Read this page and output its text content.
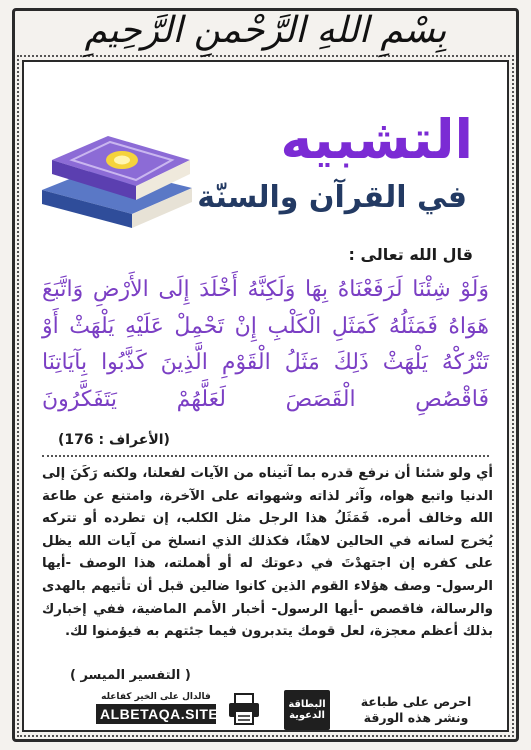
بِسْمِ اللهِ الرَّحْمنِ الرَّحِيمِ
التشبيه
في القرآن والسنّة
قال الله تعالى :
وَلَوْ شِئْنَا لَرَفَعْنَاهُ بِهَا وَلَكِنَّهُ أَخْلَدَ إِلَى الأَرْضِ وَاتَّبَعَ هَوَاهُ فَمَثَلُهُ كَمَثَلِ الْكَلْبِ إِنْ تَحْمِلْ عَلَيْهِ يَلْهَثْ أَوْ تَتْرُكْهُ يَلْهَثْ ذَلِكَ مَثَلُ الْقَوْمِ الَّذِينَ كَذَّبُوا بِآيَاتِنَا فَاقْصُصِ الْقَصَصَ لَعَلَّهُمْ يَتَفَكَّرُونَ
(الأعراف : 176)
أي ولو شئنا أن نرفع قدره بما آتيناه من الآيات لفعلنا، ولكنه رَكَنَ إلى الدنيا واتبع هواه، وآثر لذاته وشهواته على الآخرة، وامتنع عن طاعة الله وخالف أمره. فَمَثَلُ هذا الرجل مثل الكلب، إن تطرده أو تتركه يُخرج لسانه في الحالين لاهثًا، فكذلك الذي انسلخ من آيات الله يظل على كفره إن اجتهدْتَ في دعوتك له أو أهملته، هذا الوصف -أيها الرسول- وصف هؤلاء القوم الذين كانوا ضالين قبل أن تأتيهم بالهدى والرسالة، فاقصص -أيها الرسول- أخبار الأمم الماضية، ففي إخبارك بذلك أعظم معجزة، لعل قومك يتدبرون فيما جئتهم به فيؤمنوا لك.
( التفسير الميسر )
احرص على طباعة
ونشر هذه الورقة
البطاقة
الدعوية
فالدال على الخير كفاعله
ALBETAQA.SITE
